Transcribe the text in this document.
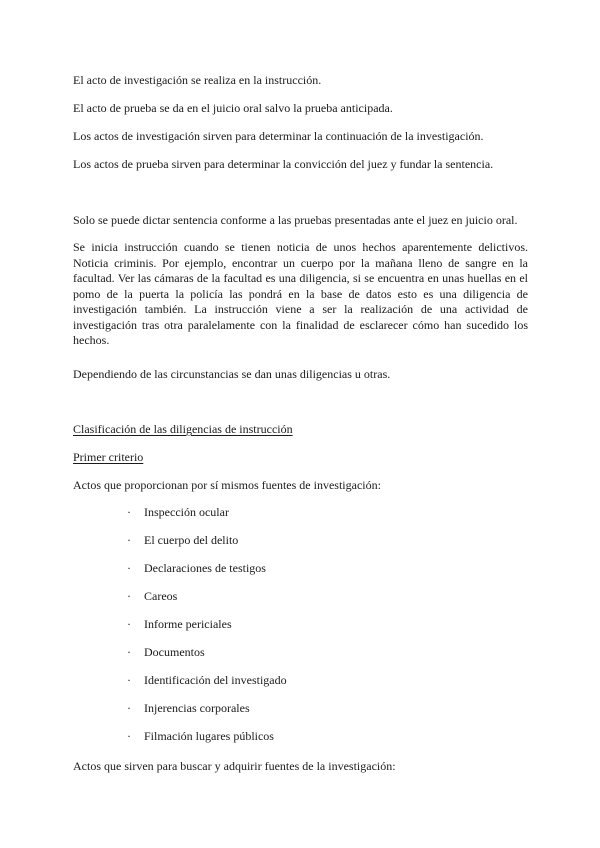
El acto de investigación se realiza en la instrucción.
El acto de prueba se da en el juicio oral salvo la prueba anticipada.
Los actos de investigación sirven para determinar la continuación de la investigación.
Los actos de prueba sirven para determinar la convicción del juez y fundar la sentencia.
Solo se puede dictar sentencia conforme a las pruebas presentadas ante el juez en juicio oral.
Se inicia instrucción cuando se tienen noticia de unos hechos aparentemente delictivos. Noticia criminis. Por ejemplo, encontrar un cuerpo por la mañana lleno de sangre en la facultad. Ver las cámaras de la facultad es una diligencia, si se encuentra en unas huellas en el pomo de la puerta la policía las pondrá en la base de datos esto es una diligencia de investigación también. La instrucción viene a ser la realización de una actividad de investigación tras otra paralelamente con la finalidad de esclarecer cómo han sucedido los hechos.
Dependiendo de las circunstancias se dan unas diligencias u otras.
Clasificación de las diligencias de instrucción
Primer criterio
Actos que proporcionan por sí mismos fuentes de investigación:
·	Inspección ocular
·	El cuerpo del delito
·	Declaraciones de testigos
·	Careos
·	Informe periciales
·	Documentos
·	Identificación del investigado
·	Injerencias corporales
·	Filmación lugares públicos
Actos que sirven para buscar y adquirir fuentes de la investigación:
